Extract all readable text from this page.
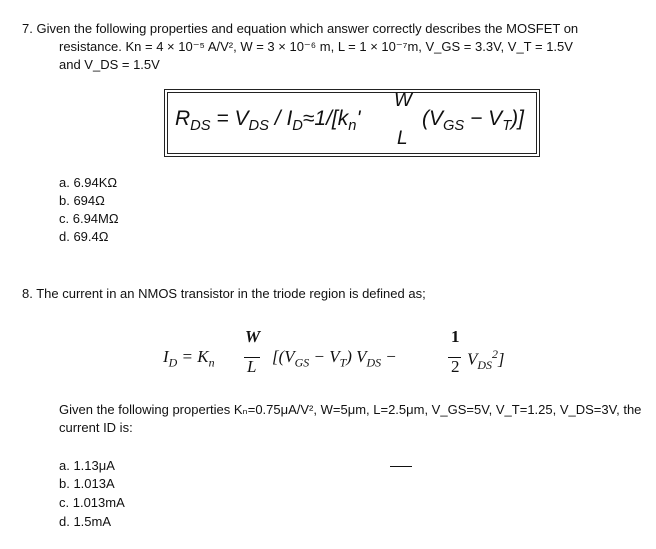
7. Given the following properties and equation which answer correctly describes the MOSFET on
resistance. Kn = 4 × 10⁻⁵ A/V², W = 3 × 10⁻⁶ m, L = 1 × 10⁻⁷m, V_GS = 3.3V, V_T = 1.5V
and V_DS = 1.5V
$R_{DS} = V_{DS} / I_D\approx 1/[k_n'$
W
L
$(V_{GS} - V_T)$]
a. 6.94KΩ
b. 694Ω
c. 6.94MΩ
d. 69.4Ω
8. The current in an NMOS transistor in the triode region is defined as;
$I_D = K_n$
W
L
[$(V_{GS} - V_T) V_{DS}$ −
1
2 $V_{DS}^2$]
Given the following properties Kₙ=0.75μA/V², W=5μm, L=2.5μm, V_GS=5V, V_T=1.25, V_DS=3V, the
current ID is:
a. 1.13μA
b. 1.013A
c. 1.013mA
d. 1.5mA
